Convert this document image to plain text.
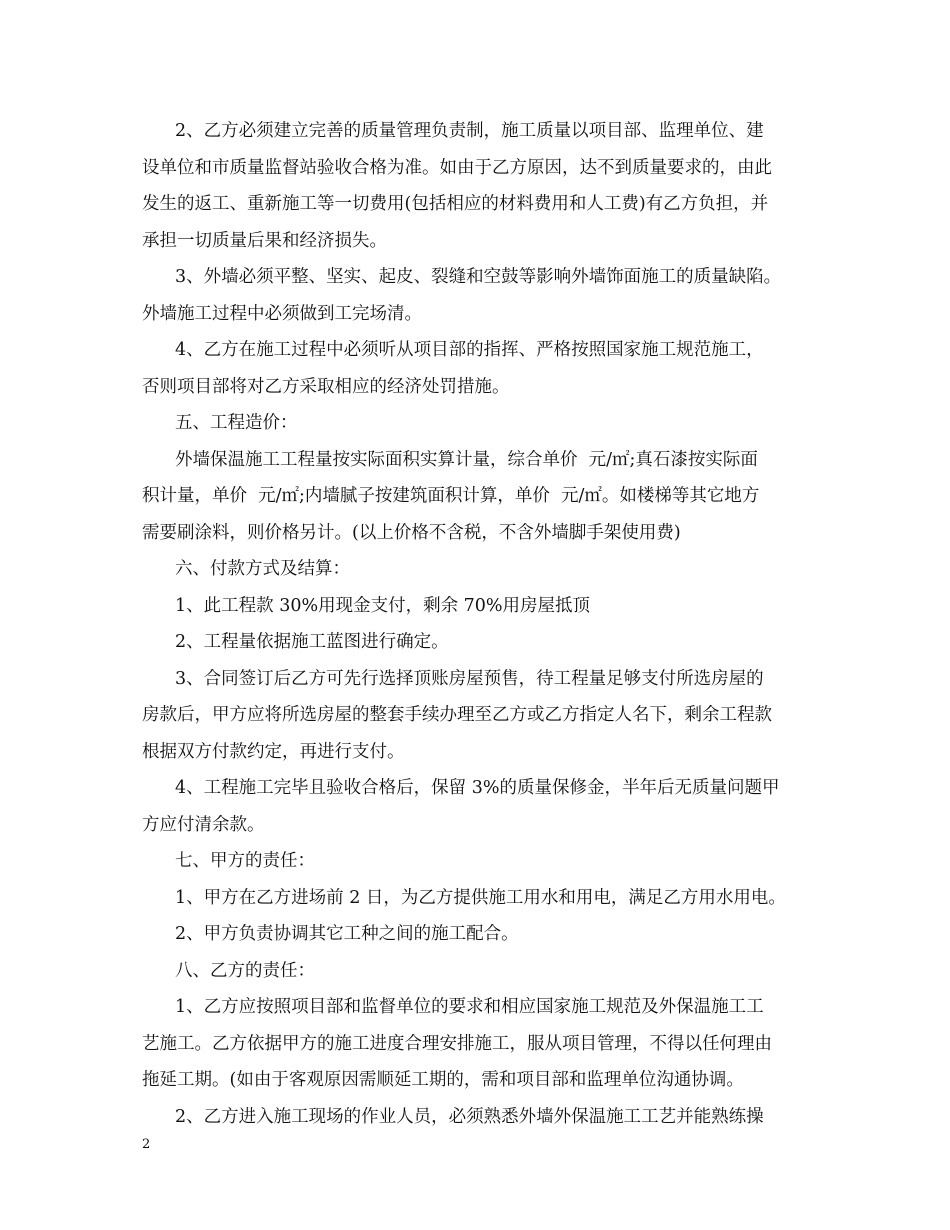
2、乙方必须建立完善的质量管理负责制，施工质量以项目部、监理单位、建
设单位和市质量监督站验收合格为准。如由于乙方原因，达不到质量要求的，由此
发生的返工、重新施工等一切费用(包括相应的材料费用和人工费)有乙方负担，并
承担一切质量后果和经济损失。
3、外墙必须平整、坚实、起皮、裂缝和空鼓等影响外墙饰面施工的质量缺陷。
外墙施工过程中必须做到工完场清。
4、乙方在施工过程中必须听从项目部的指挥、严格按照国家施工规范施工，
否则项目部将对乙方采取相应的经济处罚措施。
五、工程造价：
外墙保温施工工程量按实际面积实算计量，综合单价  元/㎡;真石漆按实际面
积计量，单价  元/㎡;内墙腻子按建筑面积计算，单价  元/㎡。如楼梯等其它地方
需要刷涂料，则价格另计。(以上价格不含税，不含外墙脚手架使用费)
六、付款方式及结算：
1、此工程款 30%用现金支付，剩余 70%用房屋抵顶
2、工程量依据施工蓝图进行确定。
3、合同签订后乙方可先行选择顶账房屋预售，待工程量足够支付所选房屋的
房款后，甲方应将所选房屋的整套手续办理至乙方或乙方指定人名下，剩余工程款
根据双方付款约定，再进行支付。
4、工程施工完毕且验收合格后，保留 3%的质量保修金，半年后无质量问题甲
方应付清余款。
七、甲方的责任：
1、甲方在乙方进场前 2 日，为乙方提供施工用水和用电，满足乙方用水用电。
2、甲方负责协调其它工种之间的施工配合。
八、乙方的责任：
1、乙方应按照项目部和监督单位的要求和相应国家施工规范及外保温施工工
艺施工。乙方依据甲方的施工进度合理安排施工，服从项目管理，不得以任何理由
拖延工期。(如由于客观原因需顺延工期的，需和项目部和监理单位沟通协调。
2、乙方进入施工现场的作业人员，必须熟悉外墙外保温施工工艺并能熟练操
2
